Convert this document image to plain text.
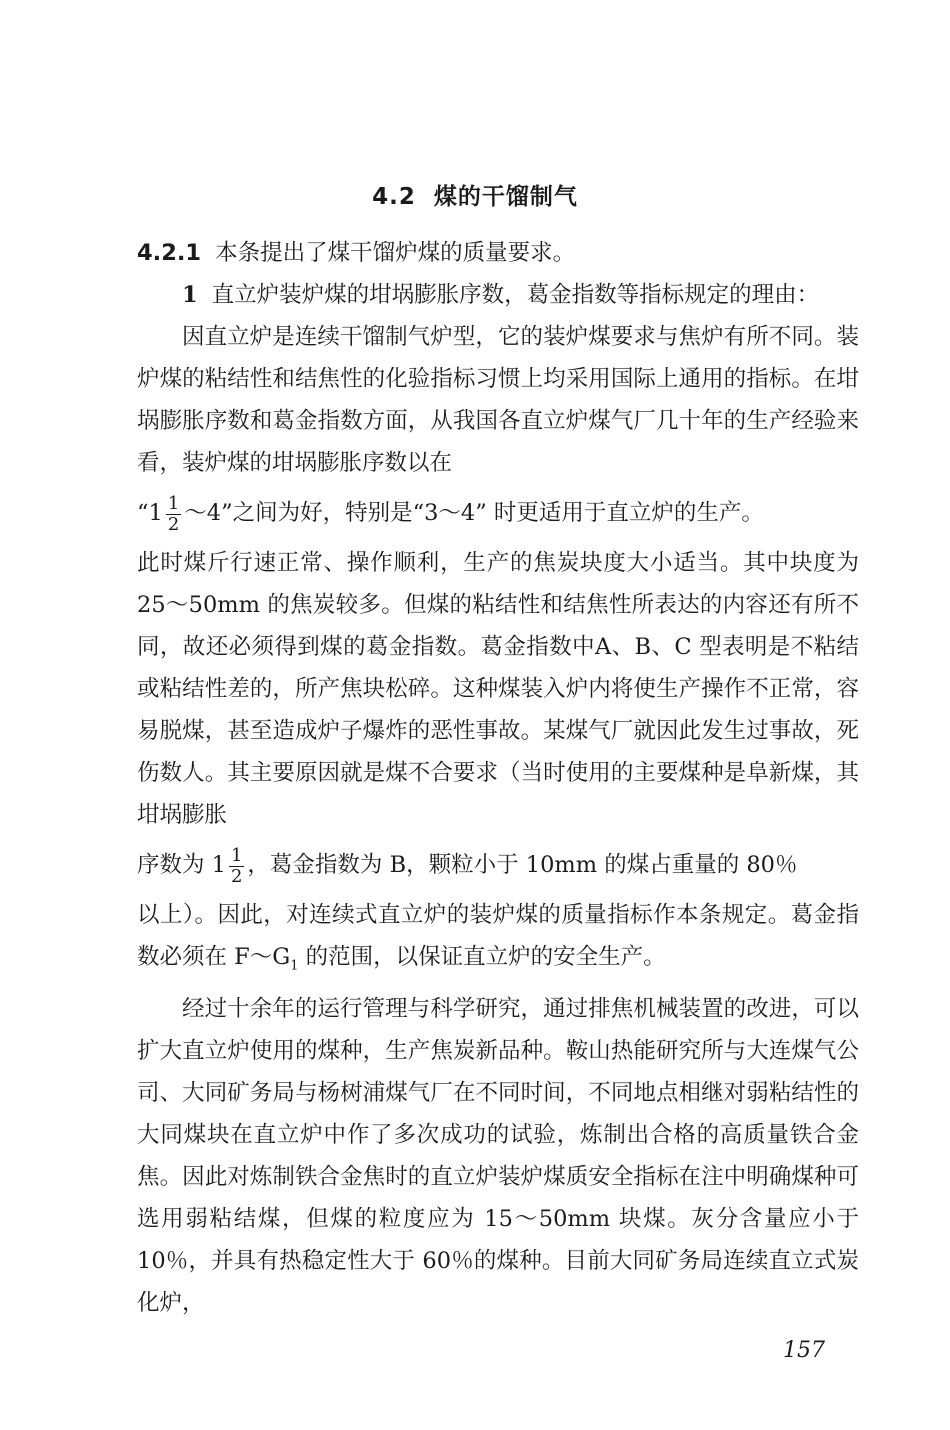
4.2 煤的干馏制气

4.2.1 本条提出了煤干馏炉煤的质量要求。

1 直立炉装炉煤的坩埚膨胀序数，葛金指数等指标规定的理由：

因直立炉是连续干馏制气炉型，它的装炉煤要求与焦炉有所不同。装炉煤的粘结性和结焦性的化验指标习惯上均采用国际上通用的指标。在坩埚膨胀序数和葛金指数方面，从我国各直立炉煤气厂几十年的生产经验来看，装炉煤的坩埚膨胀序数以在

“$1 \frac{1}{2}$ ～4”之间为好，特别是“3～4” 时更适用于直立炉的生产。

此时煤斤行速正常、操作顺利，生产的焦炭块度大小适当。其中块度为 25～50mm 的焦炭较多。但煤的粘结性和结焦性所表达的内容还有所不同，故还必须得到煤的葛金指数。葛金指数中A、B、C 型表明是不粘结或粘结性差的，所产焦块松碎。这种煤装入炉内将使生产操作不正常，容易脱煤，甚至造成炉子爆炸的恶性事故。某煤气厂就因此发生过事故，死伤数人。其主要原因就是煤不合要求（当时使用的主要煤种是阜新煤，其坩埚膨胀

序数为 $1 \frac{1}{2}$ ，葛金指数为 B，颗粒小于 10mm 的煤占重量的 80％

以上）。因此，对连续式直立炉的装炉煤的质量指标作本条规定。葛金指数必须在 $F\sim G_1$ 的范围，以保证直立炉的安全生产。

经过十余年的运行管理与科学研究，通过排焦机械装置的改进，可以扩大直立炉使用的煤种，生产焦炭新品种。鞍山热能研究所与大连煤气公司、大同矿务局与杨树浦煤气厂在不同时间，不同地点相继对弱粘结性的大同煤块在直立炉中作了多次成功的试验，炼制出合格的高质量铁合金焦。因此对炼制铁合金焦时的直立炉装炉煤质安全指标在注中明确煤种可选用弱粘结煤，但煤的粒度应为 15～50mm 块煤。灰分含量应小于 10％，并具有热稳定性大于 60％的煤种。目前大同矿务局连续直立式炭化炉，

157
